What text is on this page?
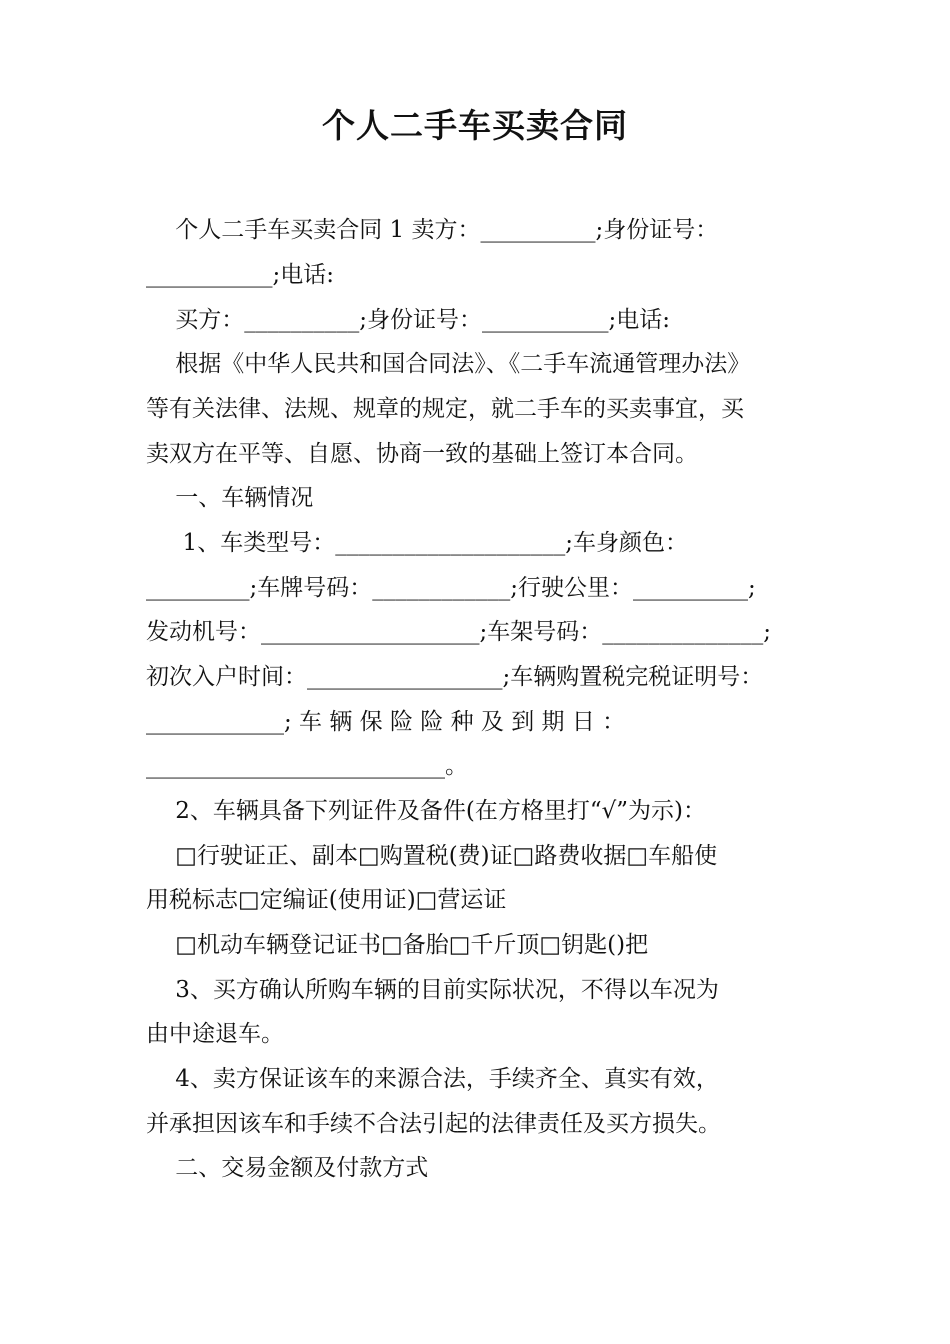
个人二手车买卖合同
个人二手车买卖合同 1 卖方：__________;身份证号：
___________;电话:
买方：__________;身份证号：___________;电话:
根据《中华人民共和国合同法》、《二手车流通管理办法》
等有关法律、法规、规章的规定，就二手车的买卖事宜，买
卖双方在平等、自愿、协商一致的基础上签订本合同。
一、车辆情况
1、车类型号：____________________;车身颜色：
_________;车牌号码：____________;行驶公里：__________;
发动机号：___________________;车架号码：______________;
初次入户时间：_________________;车辆购置税完税证明号：
____________; 车 辆 保 险 险 种 及 到 期 日 ：
__________________________。
2、车辆具备下列证件及备件(在方格里打“√”为示)：
□行驶证正、副本□购置税(费)证□路费收据□车船使
用税标志□定编证(使用证)□营运证
□机动车辆登记证书□备胎□千斤顶□钥匙()把
3、买方确认所购车辆的目前实际状况，不得以车况为
由中途退车。
4、卖方保证该车的来源合法，手续齐全、真实有效，
并承担因该车和手续不合法引起的法律责任及买方损失。
二、交易金额及付款方式
